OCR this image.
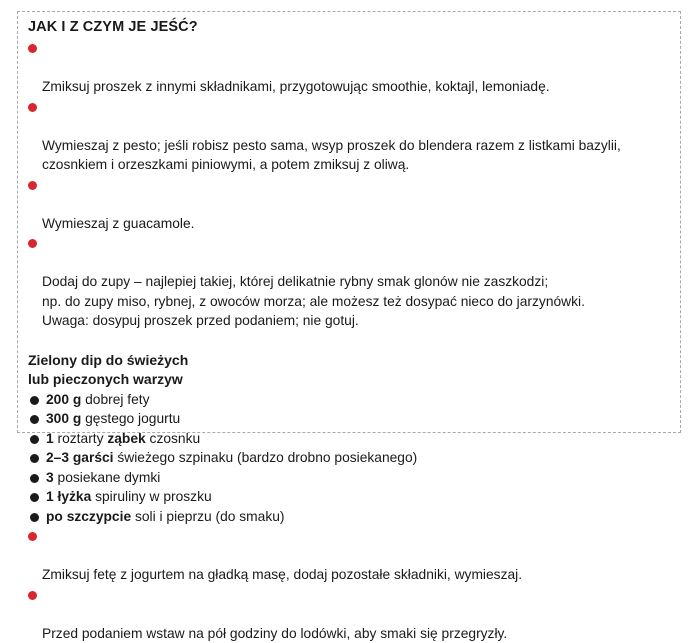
JAK I Z CZYM JE JEŚĆ?

Zmiksuj proszek z innymi składnikami, przygotowując smoothie, koktajl, lemoniadę.

Wymieszaj z pesto; jeśli robisz pesto sama, wsyp proszek do blendera razem z listkami bazylii,
czosnkiem i orzeszkami piniowymi, a potem zmiksuj z oliwą.

Wymieszaj z guacamole.

Dodaj do zupy – najlepiej takiej, której delikatnie rybny smak glonów nie zaszkodzi;
np. do zupy miso, rybnej, z owoców morza; ale możesz też dosypać nieco do jarzynówki.
Uwaga: dosypuj proszek przed podaniem; nie gotuj.

Zielony dip do świeżych
lub pieczonych warzyw
200 g dobrej fety
300 g gęstego jogurtu
1 roztarty ząbek czosnku
2–3 garści świeżego szpinaku (bardzo drobno posiekanego)
3 posiekane dymki
1 łyżka spiruliny w proszku
po szczypcie soli i pieprzu (do smaku)

Zmiksuj fetę z jogurtem na gładką masę, dodaj pozostałe składniki, wymieszaj.

Przed podaniem wstaw na pół godziny do lodówki, aby smaki się przegryzły.
